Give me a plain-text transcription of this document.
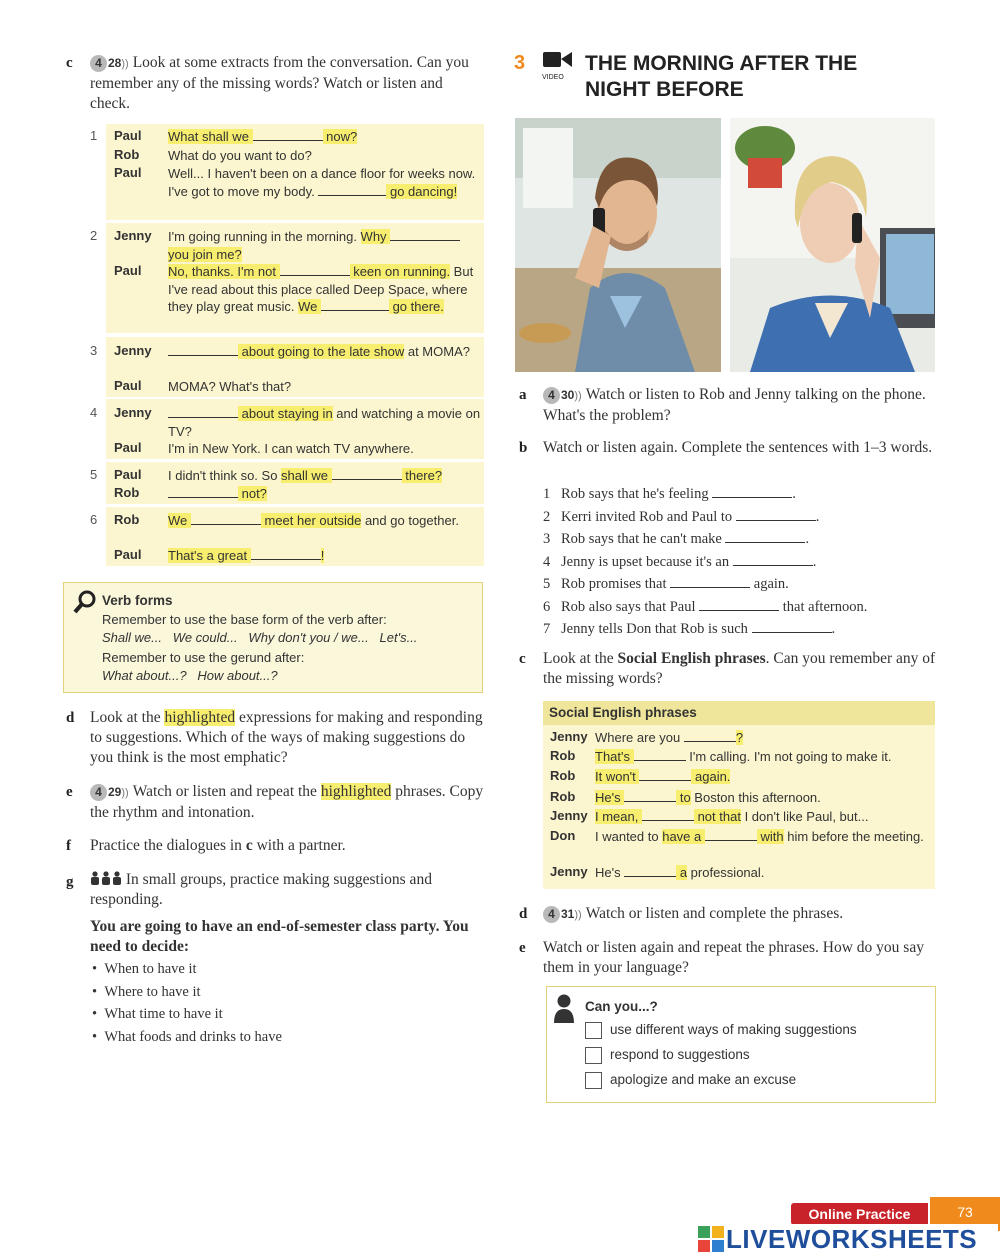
c	4 28)) Look at some extracts from the conversation. Can you remember any of the missing words? Watch or listen and check.
1 Paul What shall we	now?
Rob What do you want to do?
Paul Well... I haven't been on a dance floor for weeks now. I've got to move my body.	go dancing!
2 Jenny I'm going running in the morning. Why  you join me?
Paul No, thanks. I'm not	keen on running. But I've read about this place called Deep Space, where they play great music. We	go there.
3 Jenny	about going to the late show at MOMA?
Paul MOMA? What's that?
4 Jenny	about staying in and watching a movie on TV?
Paul I'm in New York. I can watch TV anywhere.
5 Paul I didn't think so. So shall we	there?
Rob	not?
6 Rob We	meet her outside and go together.
Paul That's a great	!
Verb forms
Remember to use the base form of the verb after:
Shall we...   We could...   Why don't you / we...   Let's...
Remember to use the gerund after:
What about...?   How about...?
d Look at the highlighted expressions for making and responding to suggestions. Which of the ways of making suggestions do you think is the most emphatic?
e	4 29)) Watch or listen and repeat the highlighted phrases. Copy the rhythm and intonation.
f Practice the dialogues in c with a partner.
g	In small groups, practice making suggestions and responding.
You are going to have an end-of-semester class party. You need to decide:
•  When to have it
•  Where to have it
•  What time to have it
•  What foods and drinks to have
3
VIDEO
THE MORNING AFTER THE
NIGHT BEFORE
a	4 30)) Watch or listen to Rob and Jenny talking on the phone. What's the problem?
b Watch or listen again. Complete the sentences with 1–3 words.
1 Rob says that he's feeling	.
2 Kerri invited Rob and Paul to	.
3 Rob says that he can't make	.
4 Jenny is upset because it's an	.
5 Rob promises that	again.
6 Rob also says that Paul	that afternoon.
7 Jenny tells Don that Rob is such	.
c Look at the Social English phrases. Can you remember any of the missing words?
Social English phrases
Jenny Where are you	?
Rob That's	I'm calling. I'm not going to make it.
Rob It won't	again.
Rob He's	to Boston this afternoon.
Jenny I mean,	not that I don't like Paul, but...
Don I wanted to have a	with him before the meeting.
Jenny He's	a professional.
d	4 31)) Watch or listen and complete the phrases.
e Watch or listen again and repeat the phrases. How do you say them in your language?
Can you...?
use different ways of making suggestions
respond to suggestions
apologize and make an excuse
Online Practice	73
LIVEWORKSHEETS
